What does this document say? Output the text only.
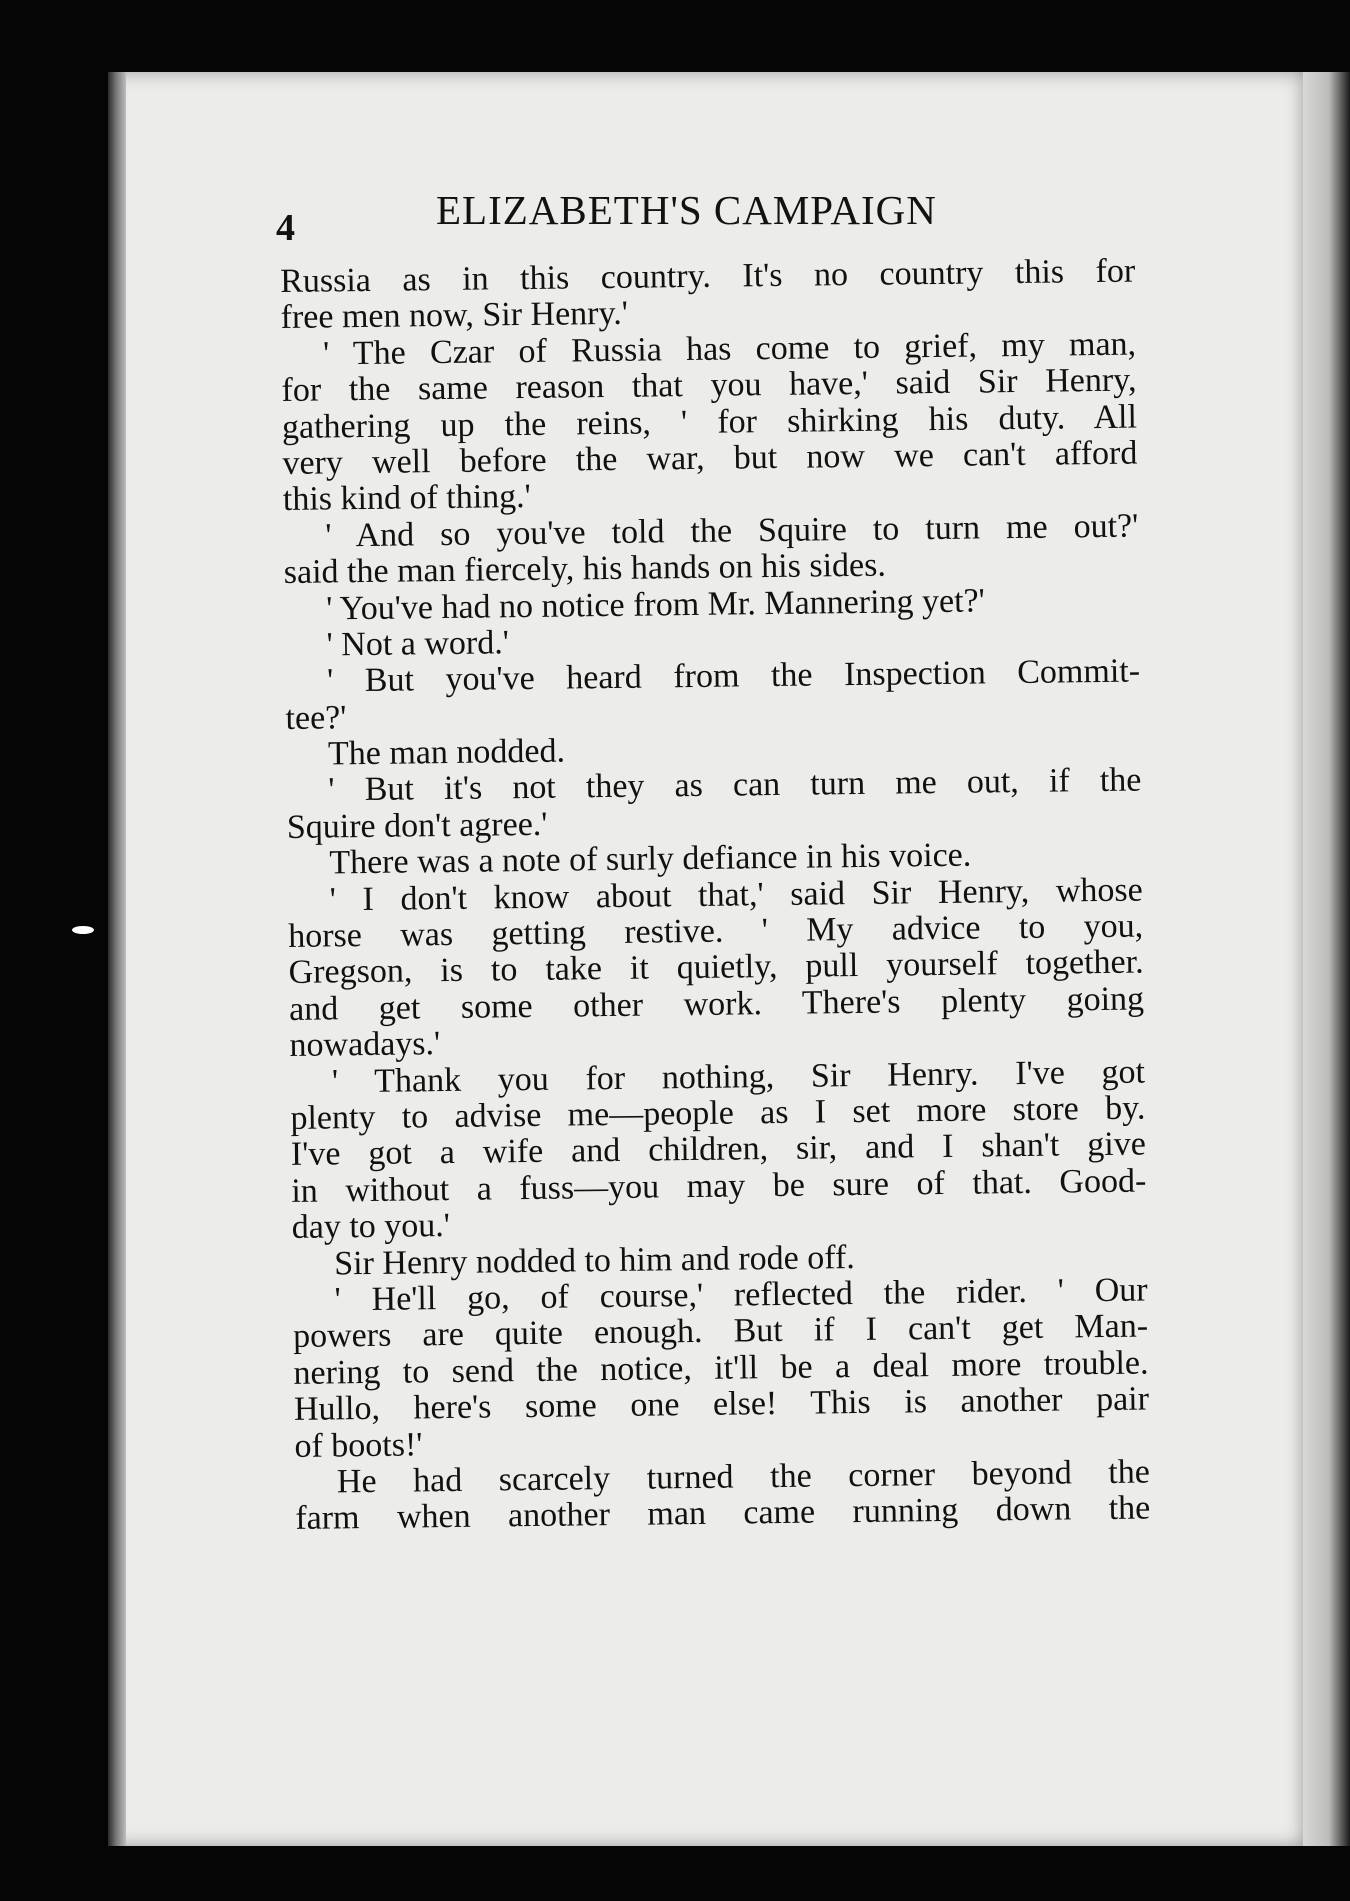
4	ELIZABETH'S CAMPAIGN
Russia as in this country. It's no country this for
free men now, Sir Henry.'
' The Czar of Russia has come to grief, my man,
for the same reason that you have,' said Sir Henry,
gathering up the reins, ' for shirking his duty. All
very well before the war, but now we can't afford
this kind of thing.'
' And so you've told the Squire to turn me out?'
said the man fiercely, his hands on his sides.
' You've had no notice from Mr. Mannering yet?'
' Not a word.'
' But you've heard from the Inspection Commit-
tee?'
The man nodded.
' But it's not they as can turn me out, if the
Squire don't agree.'
There was a note of surly defiance in his voice.
' I don't know about that,' said Sir Henry, whose
horse was getting restive. ' My advice to you,
Gregson, is to take it quietly, pull yourself together.
and get some other work. There's plenty going
nowadays.'
' Thank you for nothing, Sir Henry. I've got
plenty to advise me—people as I set more store by.
I've got a wife and children, sir, and I shan't give
in without a fuss—you may be sure of that. Good-
day to you.'
Sir Henry nodded to him and rode off.
' He'll go, of course,' reflected the rider. ' Our
powers are quite enough. But if I can't get Man-
nering to send the notice, it'll be a deal more trouble.
Hullo, here's some one else! This is another pair
of boots!'
He had scarcely turned the corner beyond the
farm when another man came running down the
